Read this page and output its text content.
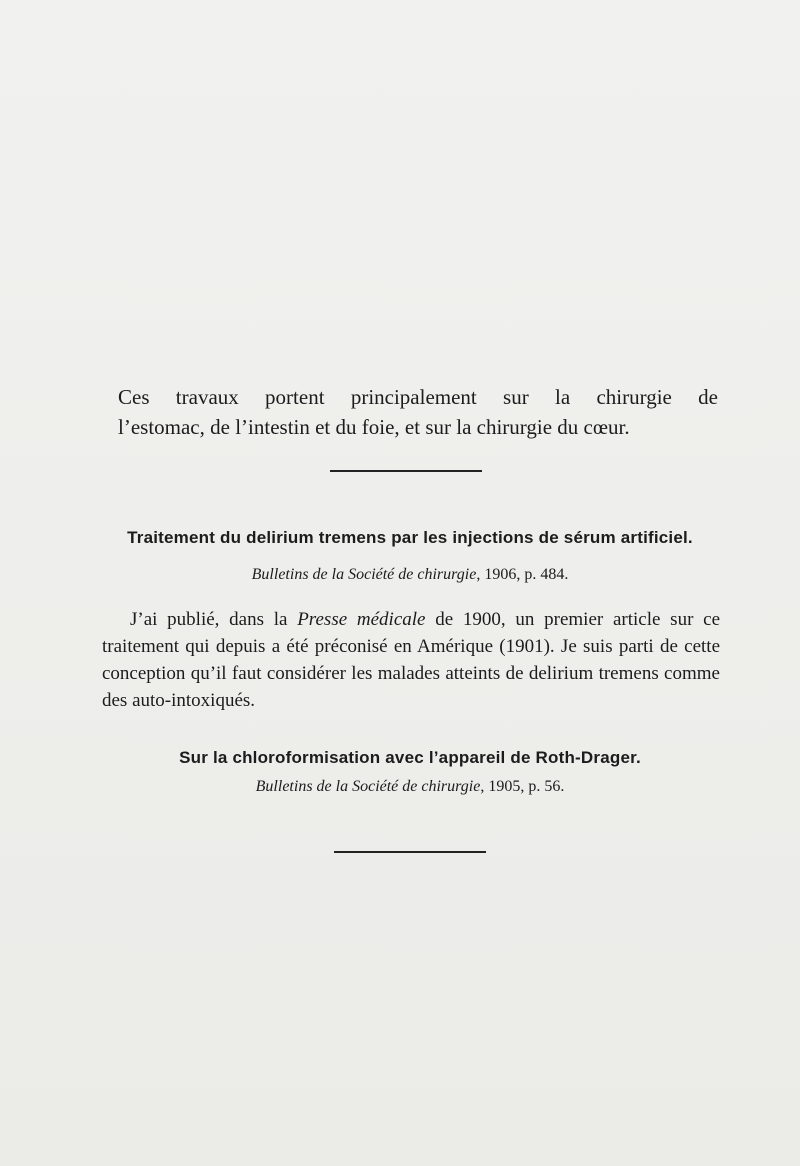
Ces travaux portent principalement sur la chirurgie de

l’estomac, de l’intestin et du foie, et sur la chirurgie du cœur.

Traitement du delirium tremens par les injections de sérum artificiel.
Bulletins de la Société de chirurgie, 1906, p. 484.

J’ai publié, dans la Presse médicale de 1900, un premier article sur ce traitement qui depuis a été préconisé en Amérique (1901). Je suis parti de cette conception qu’il faut considérer les malades atteints de delirium tremens comme des auto-intoxiqués.

Sur la chloroformisation avec l’appareil de Roth-Drager.
Bulletins de la Société de chirurgie, 1905, p. 56.
